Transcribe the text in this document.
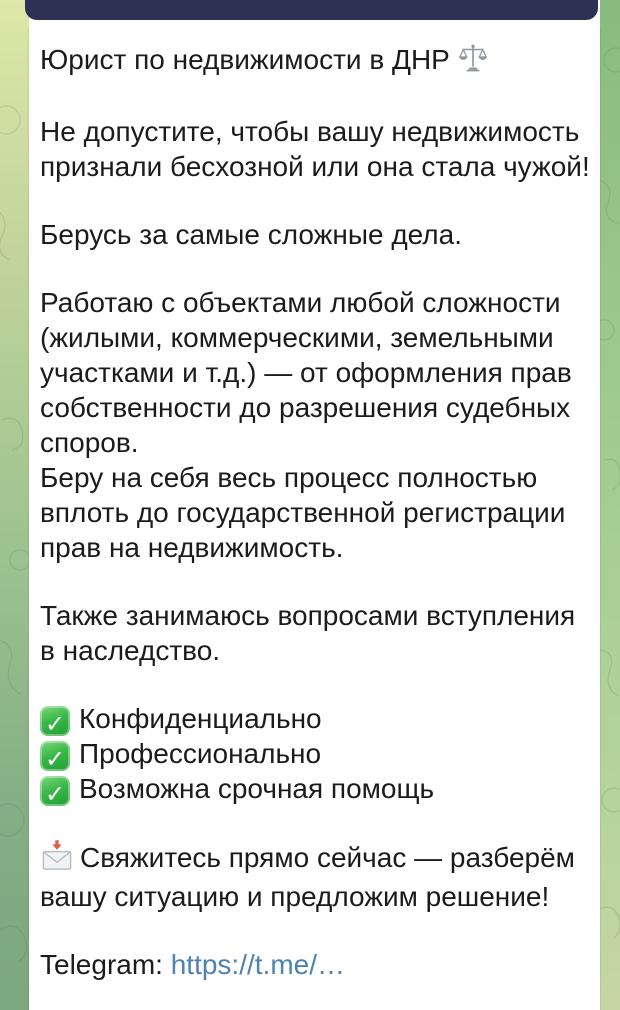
Юрист по недвижимости в ДНР

Не допустите, чтобы вашу недвижимость признали бесхозной или она стала чужой!

Берусь за самые сложные дела.

Работаю с объектами любой сложности (жилыми, коммерческими, земельными участками и т.д.) — от оформления прав собственности до разрешения судебных споров.
Беру на себя весь процесс полностью вплоть до государственной регистрации прав на недвижимость.

Также занимаюсь вопросами вступления в наследство.

✓ Конфиденциально
✓ Профессионально
✓ Возможна срочная помощь

Свяжитесь прямо сейчас — разберём вашу ситуацию и предложим решение!

Telegram: https://t.me/…
